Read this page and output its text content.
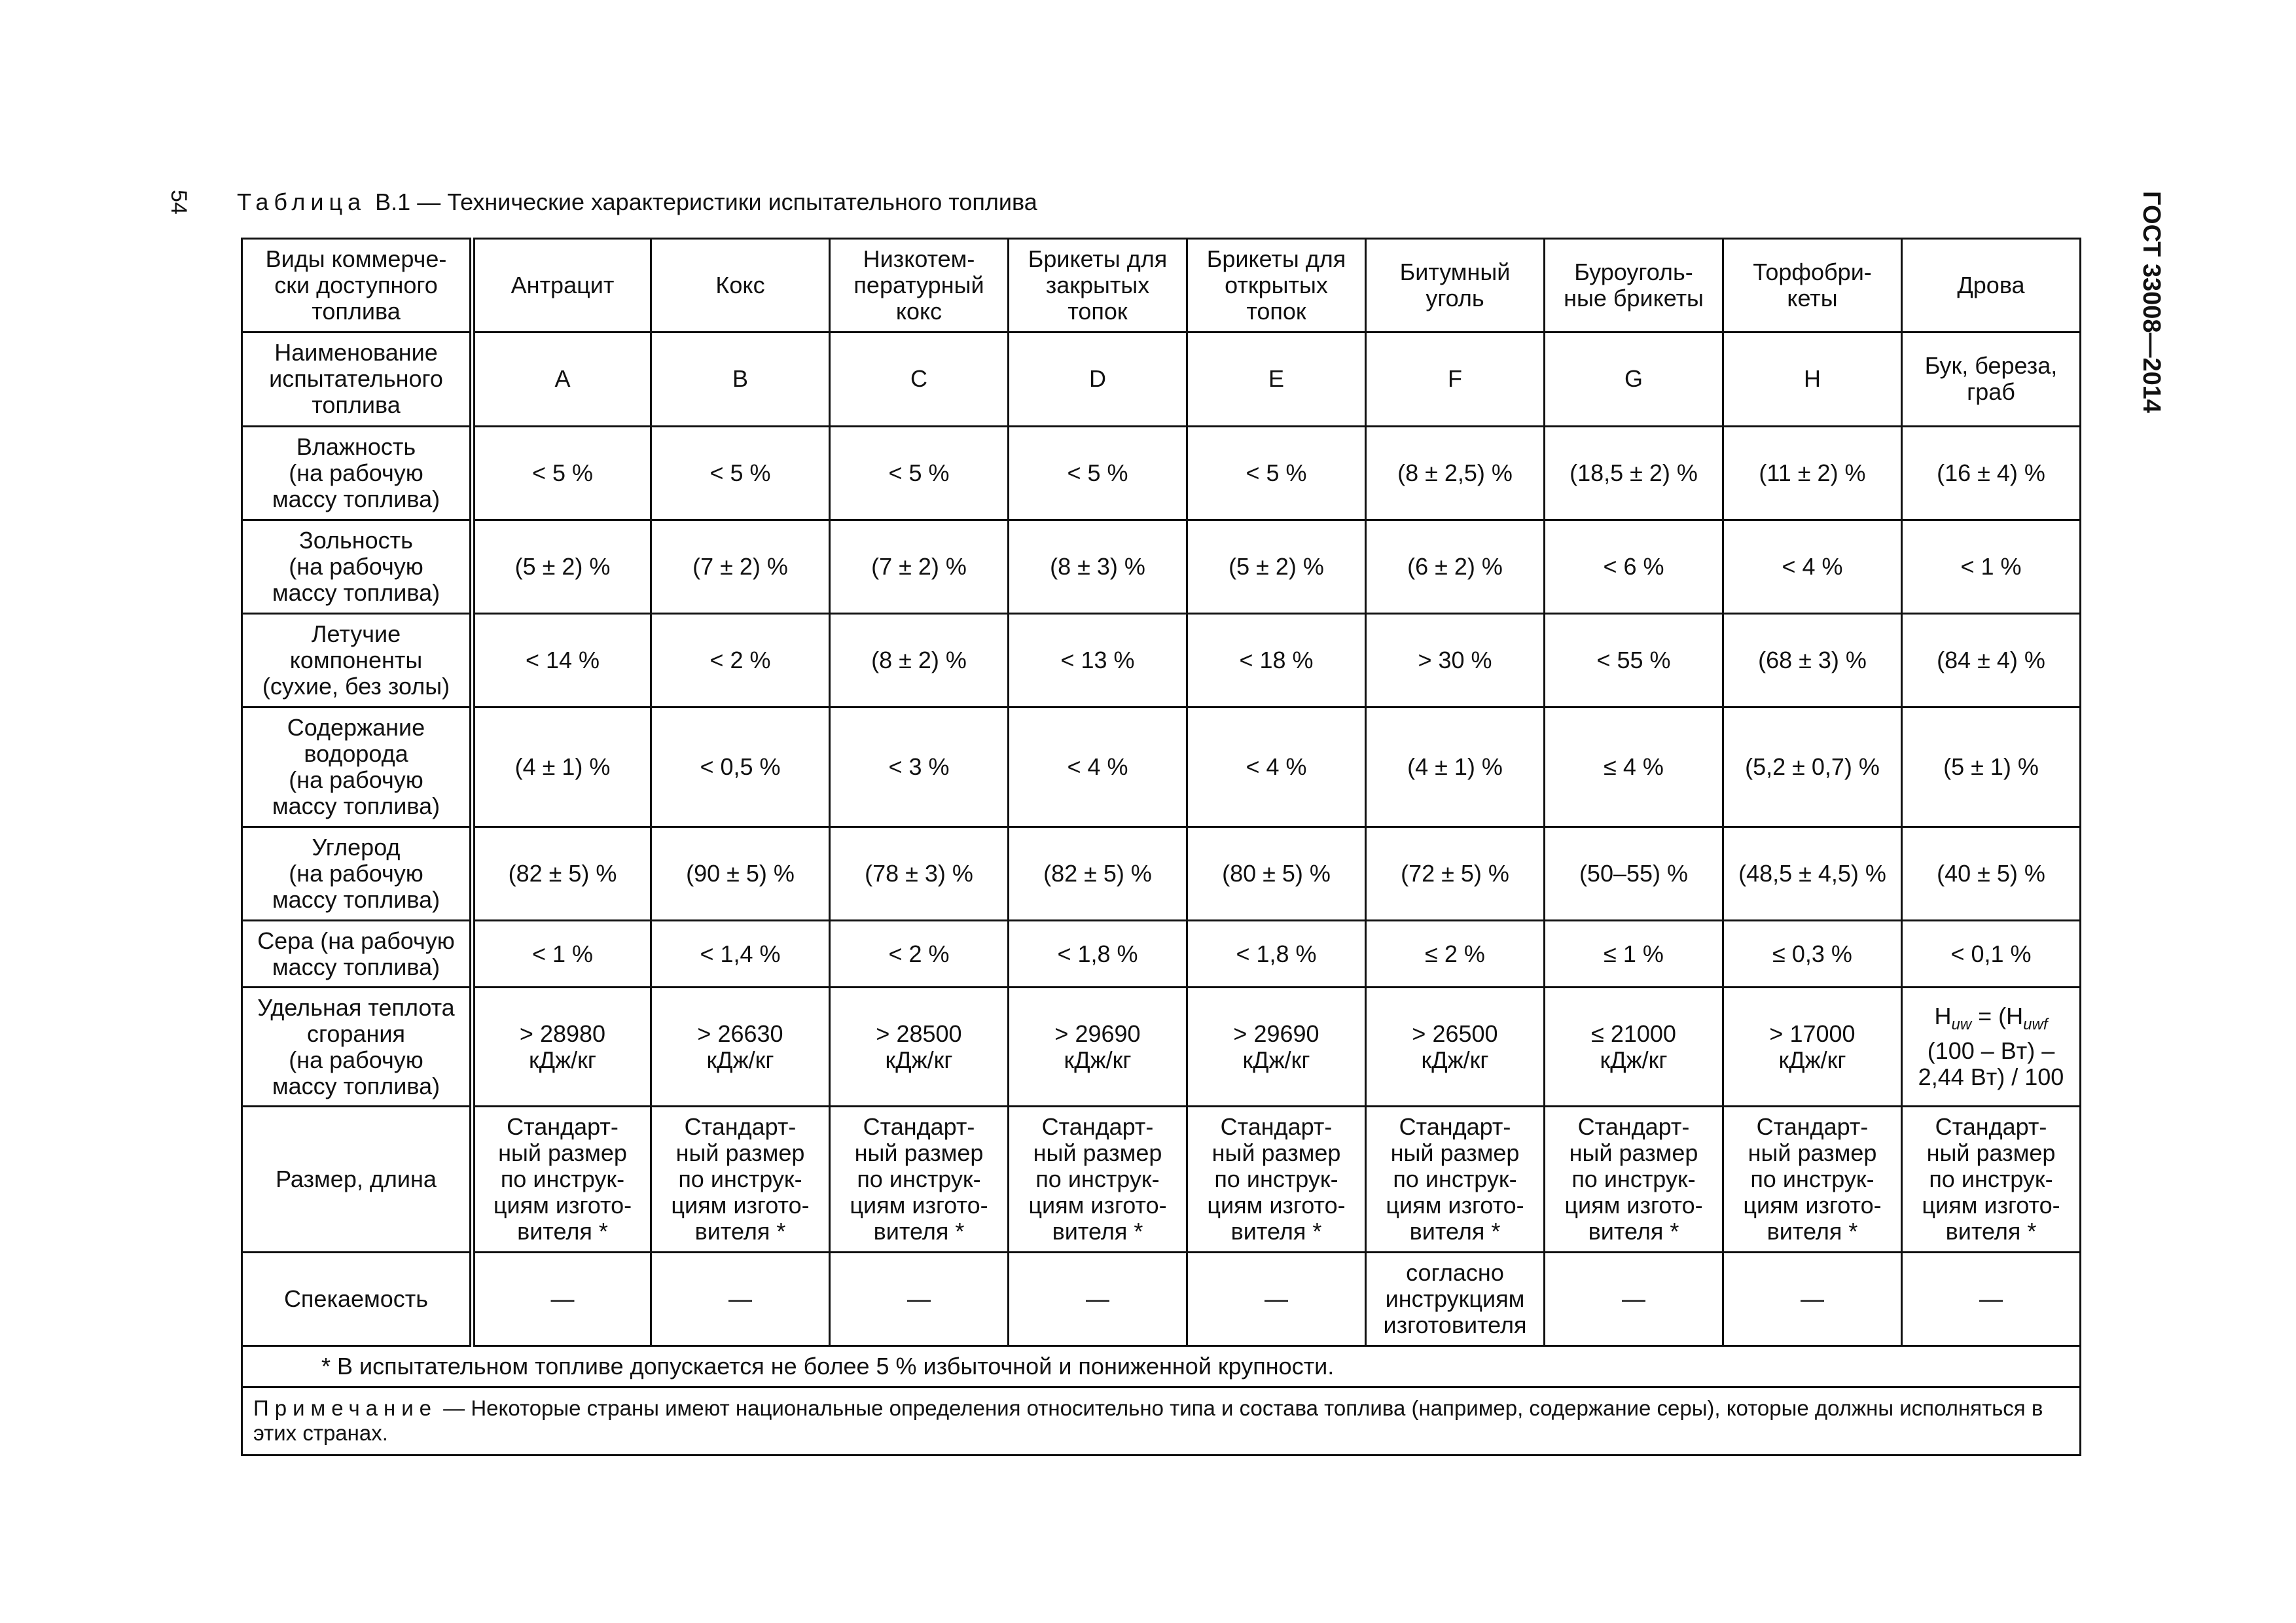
54	ГОСТ 33008—2014
Таблица В.1 — Технические характеристики испытательного топлива
Виды коммерче-
ски доступного
топлива	Антрацит	Кокс	Низкотем-
пературный
кокс	Брикеты для
закрытых
топок	Брикеты для
открытых
топок	Битумный
уголь	Буроуголь-
ные брикеты	Торфобри-
кеты	Дрова
Наименование
испытательного
топлива	A	B	C	D	E	F	G	H	Бук, береза,
граб
Влажность
(на рабочую
массу топлива)	< 5 %	< 5 %	< 5 %	< 5 %	< 5 %	(8 ± 2,5) %	(18,5 ± 2) %	(11 ± 2) %	(16 ± 4) %
Зольность
(на рабочую
массу топлива)	(5 ± 2) %	(7 ± 2) %	(7 ± 2) %	(8 ± 3) %	(5 ± 2) %	(6 ± 2) %	< 6 %	< 4 %	< 1 %
Летучие
компоненты
(сухие, без золы)	< 14 %	< 2 %	(8 ± 2) %	< 13 %	< 18 %	> 30 %	< 55 %	(68 ± 3) %	(84 ± 4) %
Содержание
водорода
(на рабочую
массу топлива)	(4 ± 1) %	< 0,5 %	< 3 %	< 4 %	< 4 %	(4 ± 1) %	≤ 4 %	(5,2 ± 0,7) %	(5 ± 1) %
Углерод
(на рабочую
массу топлива)	(82 ± 5) %	(90 ± 5) %	(78 ± 3) %	(82 ± 5) %	(80 ± 5) %	(72 ± 5) %	(50–55) %	(48,5 ± 4,5) %	(40 ± 5) %
Сера (на рабочую
массу топлива)	< 1 %	< 1,4 %	< 2 %	< 1,8 %	< 1,8 %	≤ 2 %	≤ 1 %	≤ 0,3 %	< 0,1 %
Удельная теплота
сгорания
(на рабочую
массу топлива)	> 28980
кДж/кг	> 26630
кДж/кг	> 28500
кДж/кг	> 29690
кДж/кг	> 29690
кДж/кг	> 26500
кДж/кг	≤ 21000
кДж/кг	> 17000
кДж/кг	$H_{uw} = (H_{uwf}$
(100 – Bт) –
2,44 Bт) / 100
Размер, длина	Стандарт-
ный размер
по инструк-
циям изгото-
вителя *	Стандарт-
ный размер
по инструк-
циям изгото-
вителя *	Стандарт-
ный размер
по инструк-
циям изгото-
вителя *	Стандарт-
ный размер
по инструк-
циям изгото-
вителя *	Стандарт-
ный размер
по инструк-
циям изгото-
вителя *	Стандарт-
ный размер
по инструк-
циям изгото-
вителя *	Стандарт-
ный размер
по инструк-
циям изгото-
вителя *	Стандарт-
ный размер
по инструк-
циям изгото-
вителя *	Стандарт-
ный размер
по инструк-
циям изгото-
вителя *
Спекаемость	—	—	—	—	—	согласно
инструкциям
изготовителя	—	—	—
* В испытательном топливе допускается не более 5 % избыточной и пониженной крупности.									
Примечание — Некоторые страны имеют национальные определения относительно типа и состава топлива (например, содержание серы), которые должны исполняться в этих странах.									
